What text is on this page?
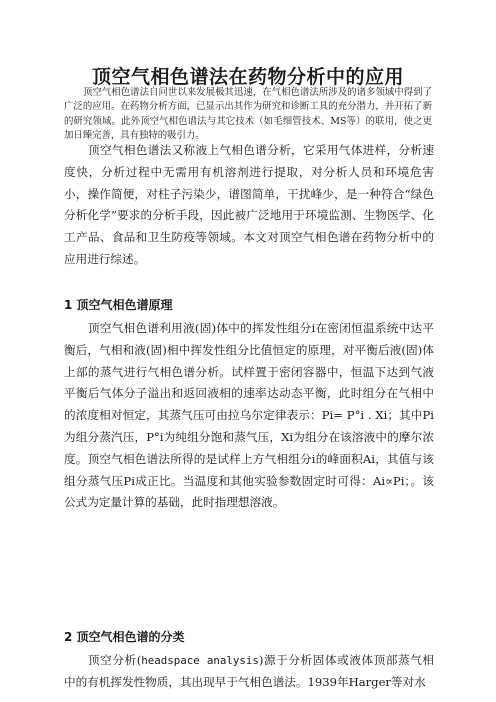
顶空气相色谱法在药物分析中的应用
顶空气相色谱法自问世以来发展极其迅速，在气相色谱法所涉及的诸多领域中得到了广泛的应用。在药物分析方面，已显示出其作为研究和诊断工具的充分潜力，并开拓了新的研究领域。此外顶空气相色谱法与其它技术（如毛细管技术、MS等）的联用，使之更加日臻完善，具有独特的吸引力。

顶空气相色谱法又称液上气相色谱分析，它采用气体进样，分析速度快，分析过程中无需用有机溶剂进行提取，对分析人员和环境危害小，操作简便，对柱子污染少，谱图简单，干扰峰少，是一种符合“绿色分析化学”要求的分析手段，因此被广泛地用于环境监测、生物医学、化工产品、食品和卫生防疫等领域。本文对顶空气相色谱在药物分析中的应用进行综述。

1 顶空气相色谱原理

顶空气相色谱利用液(固)体中的挥发性组分i在密闭恒温系统中达平衡后，气相和液(固)相中挥发性组分比值恒定的原理，对平衡后液(固)体上部的蒸气进行气相色谱分析。试样置于密闭容器中，恒温下达到气液平衡后气体分子溢出和返回液相的速率达动态平衡，此时组分在气相中的浓度相对恒定，其蒸气压可由拉乌尔定律表示：Pi= P°i . Xi；其中Pi为组分蒸汽压，P°i为纯组分饱和蒸气压，Xi为组分在该溶液中的摩尔浓度。顶空气相色谱法所得的是试样上方气相组分i的峰面积Ai，其值与该组分蒸气压Pi成正比。当温度和其他实验参数固定时可得：Ai∝Pi；。该公式为定量计算的基础，此时指理想溶液。

2 顶空气相色谱的分类

顶空分析(headspace analysis)源于分析固体或液体顶部蒸气相中的有机挥发性物质，其出现早于气相色谱法。1939年Harger等对水
